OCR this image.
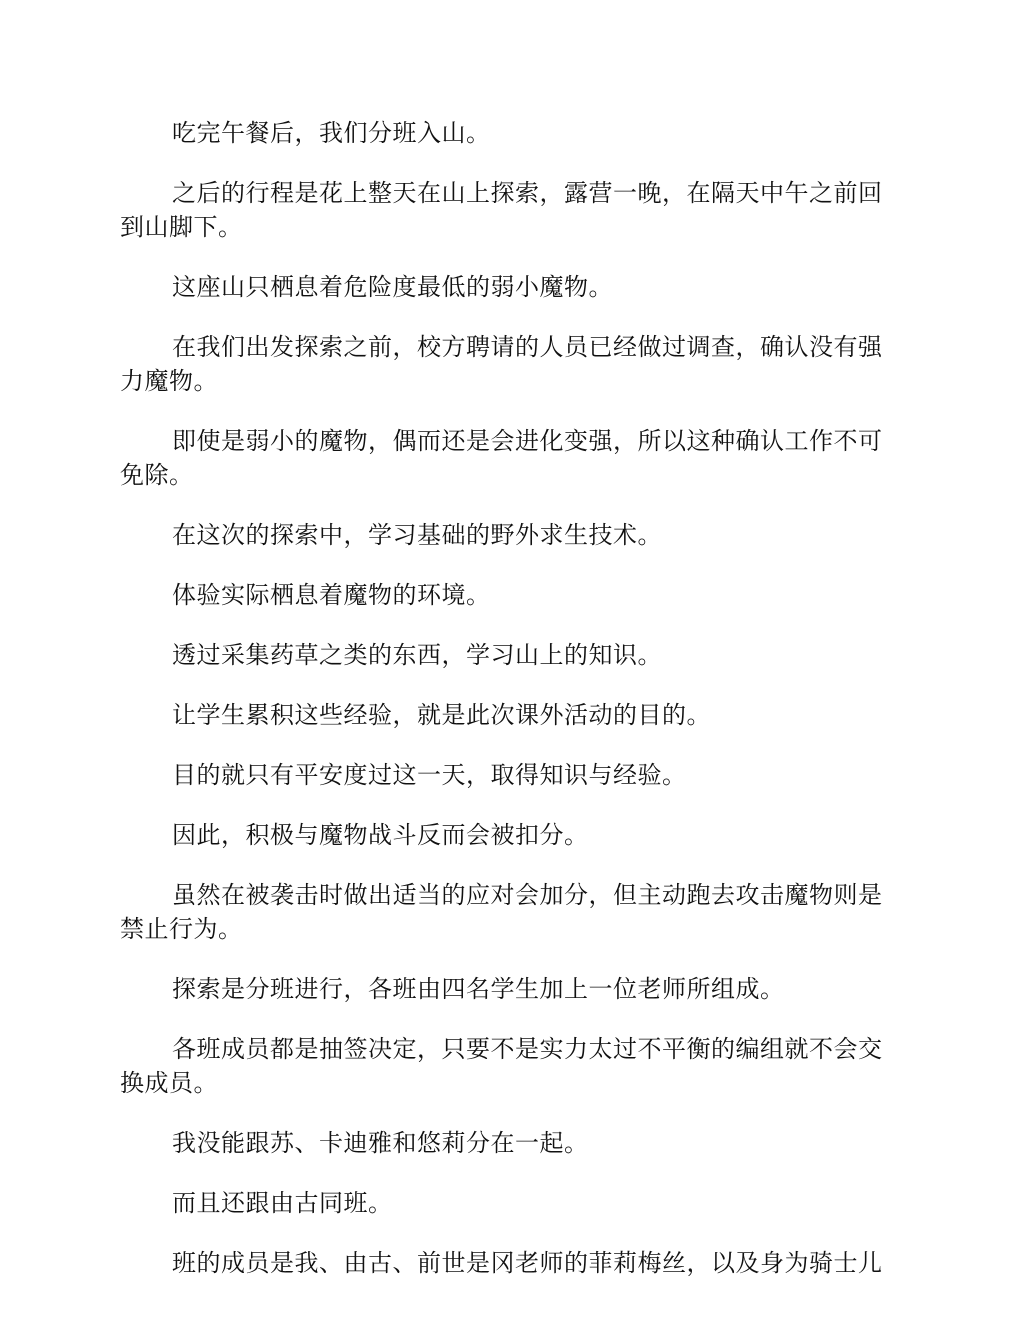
吃完午餐后，我们分班入山。

之后的行程是花上整天在山上探索，露营一晚，在隔天中午之前回到山脚下。

这座山只栖息着危险度最低的弱小魔物。

在我们出发探索之前，校方聘请的人员已经做过调查，确认没有强力魔物。

即使是弱小的魔物，偶而还是会进化变强，所以这种确认工作不可免除。

在这次的探索中，学习基础的野外求生技术。

体验实际栖息着魔物的环境。

透过采集药草之类的东西，学习山上的知识。

让学生累积这些经验，就是此次课外活动的目的。

目的就只有平安度过这一天，取得知识与经验。

因此，积极与魔物战斗反而会被扣分。

虽然在被袭击时做出适当的应对会加分，但主动跑去攻击魔物则是禁止行为。

探索是分班进行，各班由四名学生加上一位老师所组成。

各班成员都是抽签决定，只要不是实力太过不平衡的编组就不会交换成员。

我没能跟苏、卡迪雅和悠莉分在一起。

而且还跟由古同班。

班的成员是我、由古、前世是冈老师的菲莉梅丝，以及身为骑士儿
